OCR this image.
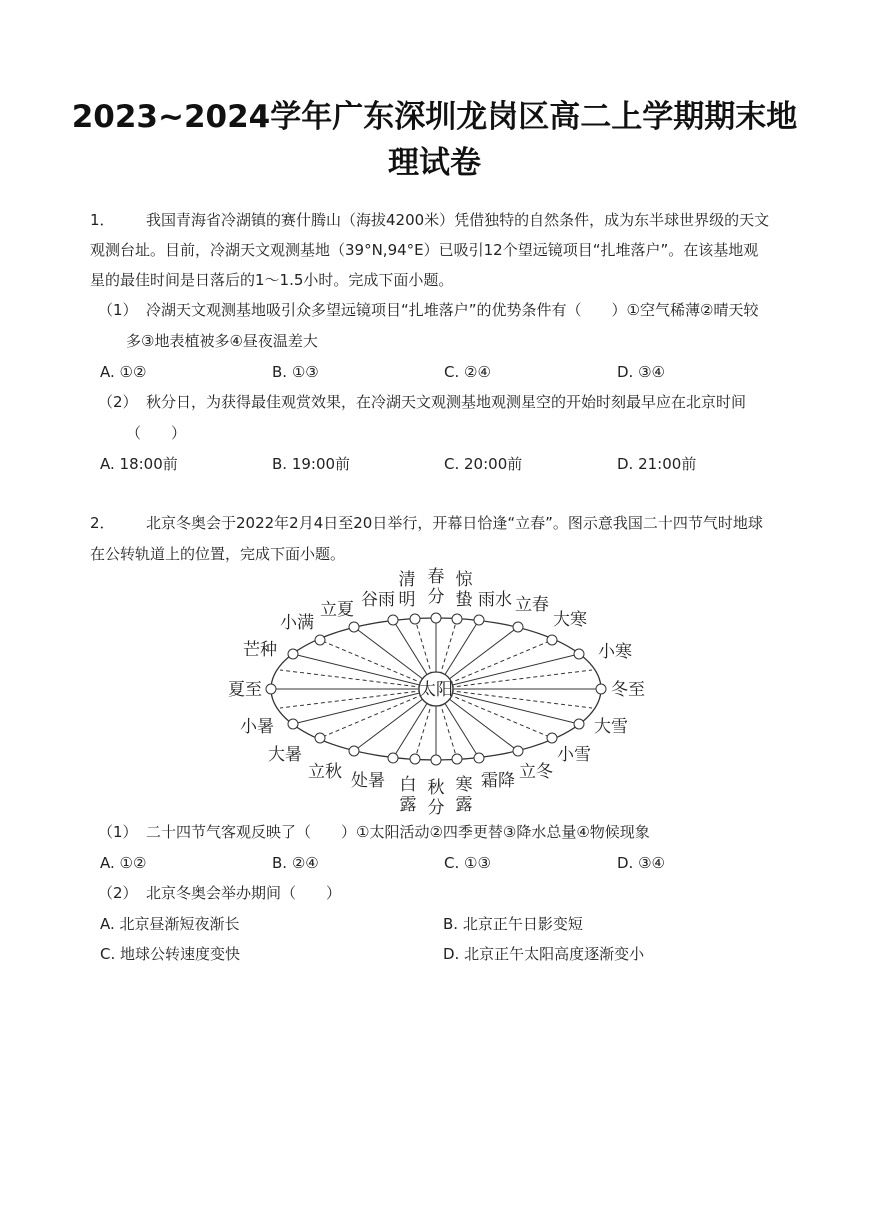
2023~2024学年广东深圳龙岗区高二上学期期末地
理试卷
1． 我国青海省冷湖镇的赛什腾山（海拔4200米）凭借独特的自然条件，成为东半球世界级的天文
观测台址。目前，冷湖天文观测基地（39°N,94°E）已吸引12个望远镜项目“扎堆落户”。在该基地观
星的最佳时间是日落后的1～1.5小时。完成下面小题。
（1） 冷湖天文观测基地吸引众多望远镜项目“扎堆落户”的优势条件有（　　）①空气稀薄②晴天较
多③地表植被多④昼夜温差大
A. ①②	B. ①③	C. ②④	D. ③④
（2） 秋分日，为获得最佳观赏效果，在冷湖天文观测基地观测星空的开始时刻最早应在北京时间
（　　）
A. 18:00前	B. 19:00前	C. 20:00前	D. 21:00前
2． 北京冬奥会于2022年2月4日至20日举行，开幕日恰逢“立春”。图示意我国二十四节气时地球
在公转轨道上的位置，完成下面小题。
太阳
清
明
春
分
惊
蛰
谷雨
立夏
小满
芒种
雨水 立春
大寒
小寒
夏至	冬至
小暑
大暑
立秋 处暑 白
露
秋
分
寒
露
霜降 立冬
小雪
大雪
（1） 二十四节气客观反映了（　　）①太阳活动②四季更替③降水总量④物候现象
A. ①②	B. ②④	C. ①③	D. ③④
（2） 北京冬奥会举办期间（　　）
A. 北京昼渐短夜渐长	B. 北京正午日影变短
C. 地球公转速度变快	D. 北京正午太阳高度逐渐变小
